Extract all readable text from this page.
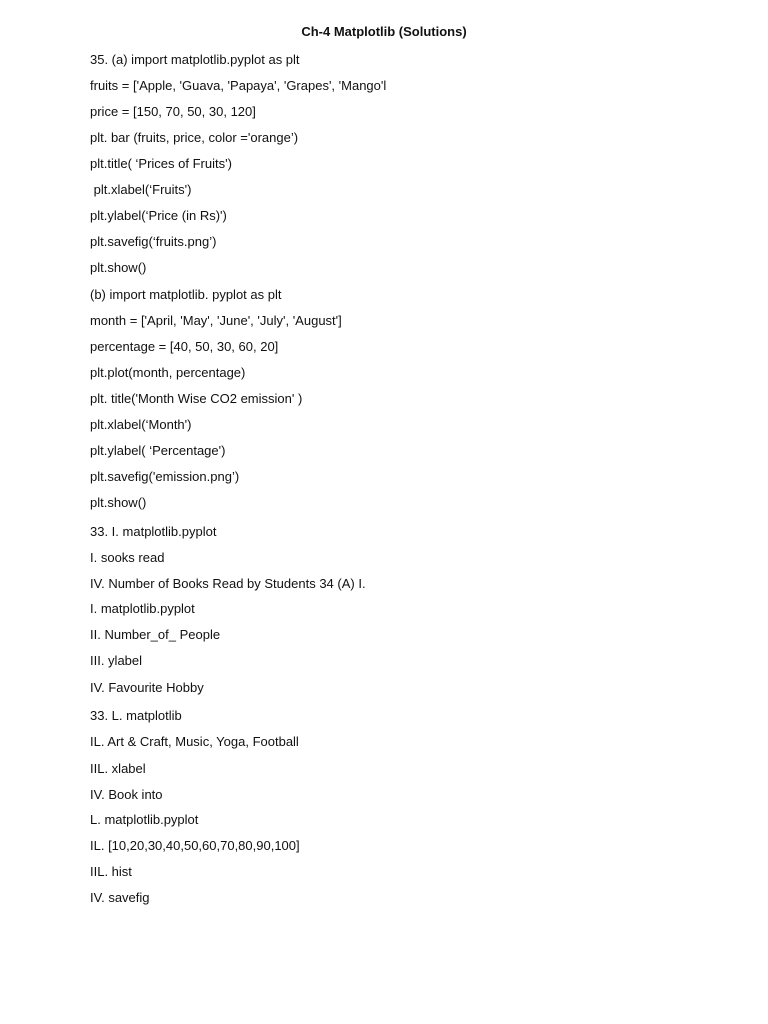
Ch-4 Matplotlib (Solutions)
35. (a) import matplotlib.pyplot as plt
fruits = ['Apple, 'Guava, 'Papaya', 'Grapes', 'Mango'l
price = [150, 70, 50, 30, 120]
plt. bar (fruits, price, color ='orange’)
plt.title( ‘Prices of Fruits')
plt.xlabel(‘Fruits')
plt.ylabel(‘Price (in Rs)')
plt.savefig(‘fruits.png’)
plt.show()
(b) import matplotlib. pyplot as plt
month = ['April, 'May', 'June', 'July', 'August']
percentage = [40, 50, 30, 60, 20]
plt.plot(month, percentage)
plt. title('Month Wise CO2 emission' )
plt.xlabel(‘Month')
plt.ylabel( ‘Percentage')
plt.savefig('emission.png’)
plt.show()
33. I. matplotlib.pyplot
I. sooks read
IV. Number of Books Read by Students 34 (A) I.
I. matplotlib.pyplot
II. Number_of_ People
III. ylabel
IV. Favourite Hobby
33. L. matplotlib
IL. Art & Craft, Music, Yoga, Football
IIL. xlabel
IV. Book into
L. matplotlib.pyplot
IL. [10,20,30,40,50,60,70,80,90,100]
IIL. hist
IV. savefig
